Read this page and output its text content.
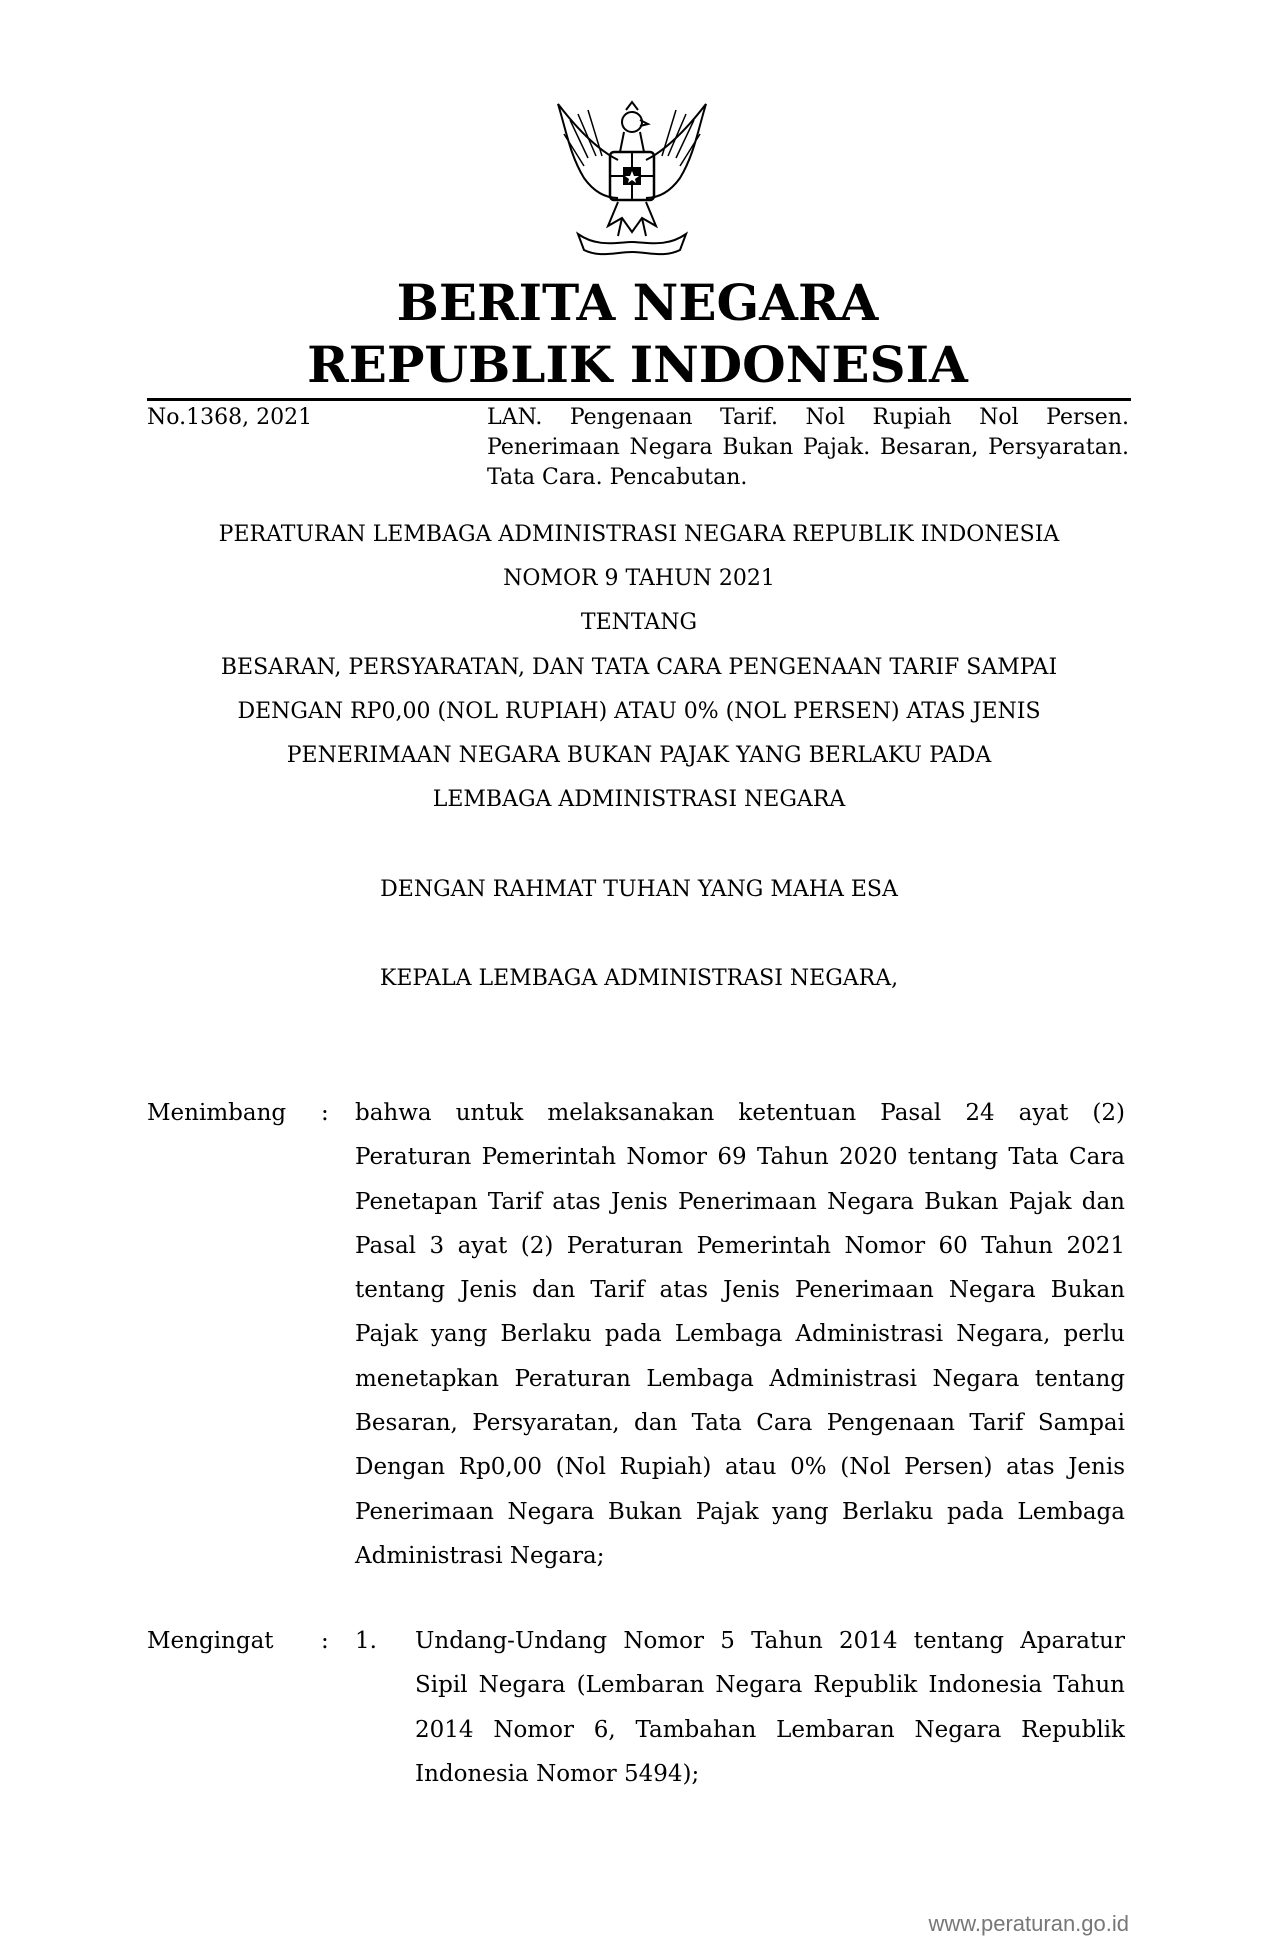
BERITA NEGARA
REPUBLIK INDONESIA
No.1368, 2021	LAN. Pengenaan Tarif. Nol Rupiah Nol Persen. Penerimaan Negara Bukan Pajak. Besaran, Persyaratan. Tata Cara. Pencabutan.
PERATURAN LEMBAGA ADMINISTRASI NEGARA REPUBLIK INDONESIA
NOMOR 9 TAHUN 2021
TENTANG
BESARAN, PERSYARATAN, DAN TATA CARA PENGENAAN TARIF SAMPAI
DENGAN RP0,00 (NOL RUPIAH) ATAU 0% (NOL PERSEN) ATAS JENIS
PENERIMAAN NEGARA BUKAN PAJAK YANG BERLAKU PADA
LEMBAGA ADMINISTRASI NEGARA
DENGAN RAHMAT TUHAN YANG MAHA ESA
KEPALA LEMBAGA ADMINISTRASI NEGARA,
Menimbang : bahwa untuk melaksanakan ketentuan Pasal 24 ayat (2) Peraturan Pemerintah Nomor 69 Tahun 2020 tentang Tata Cara Penetapan Tarif atas Jenis Penerimaan Negara Bukan Pajak dan Pasal 3 ayat (2) Peraturan Pemerintah Nomor 60 Tahun 2021 tentang Jenis dan Tarif atas Jenis Penerimaan Negara Bukan Pajak yang Berlaku pada Lembaga Administrasi Negara, perlu menetapkan Peraturan Lembaga Administrasi Negara tentang Besaran, Persyaratan, dan Tata Cara Pengenaan Tarif Sampai Dengan Rp0,00 (Nol Rupiah) atau 0% (Nol Persen) atas Jenis Penerimaan Negara Bukan Pajak yang Berlaku pada Lembaga Administrasi Negara;
Mengingat : 1. Undang-Undang Nomor 5 Tahun 2014 tentang Aparatur Sipil Negara (Lembaran Negara Republik Indonesia Tahun 2014 Nomor 6, Tambahan Lembaran Negara Republik Indonesia Nomor 5494);
www.peraturan.go.id
